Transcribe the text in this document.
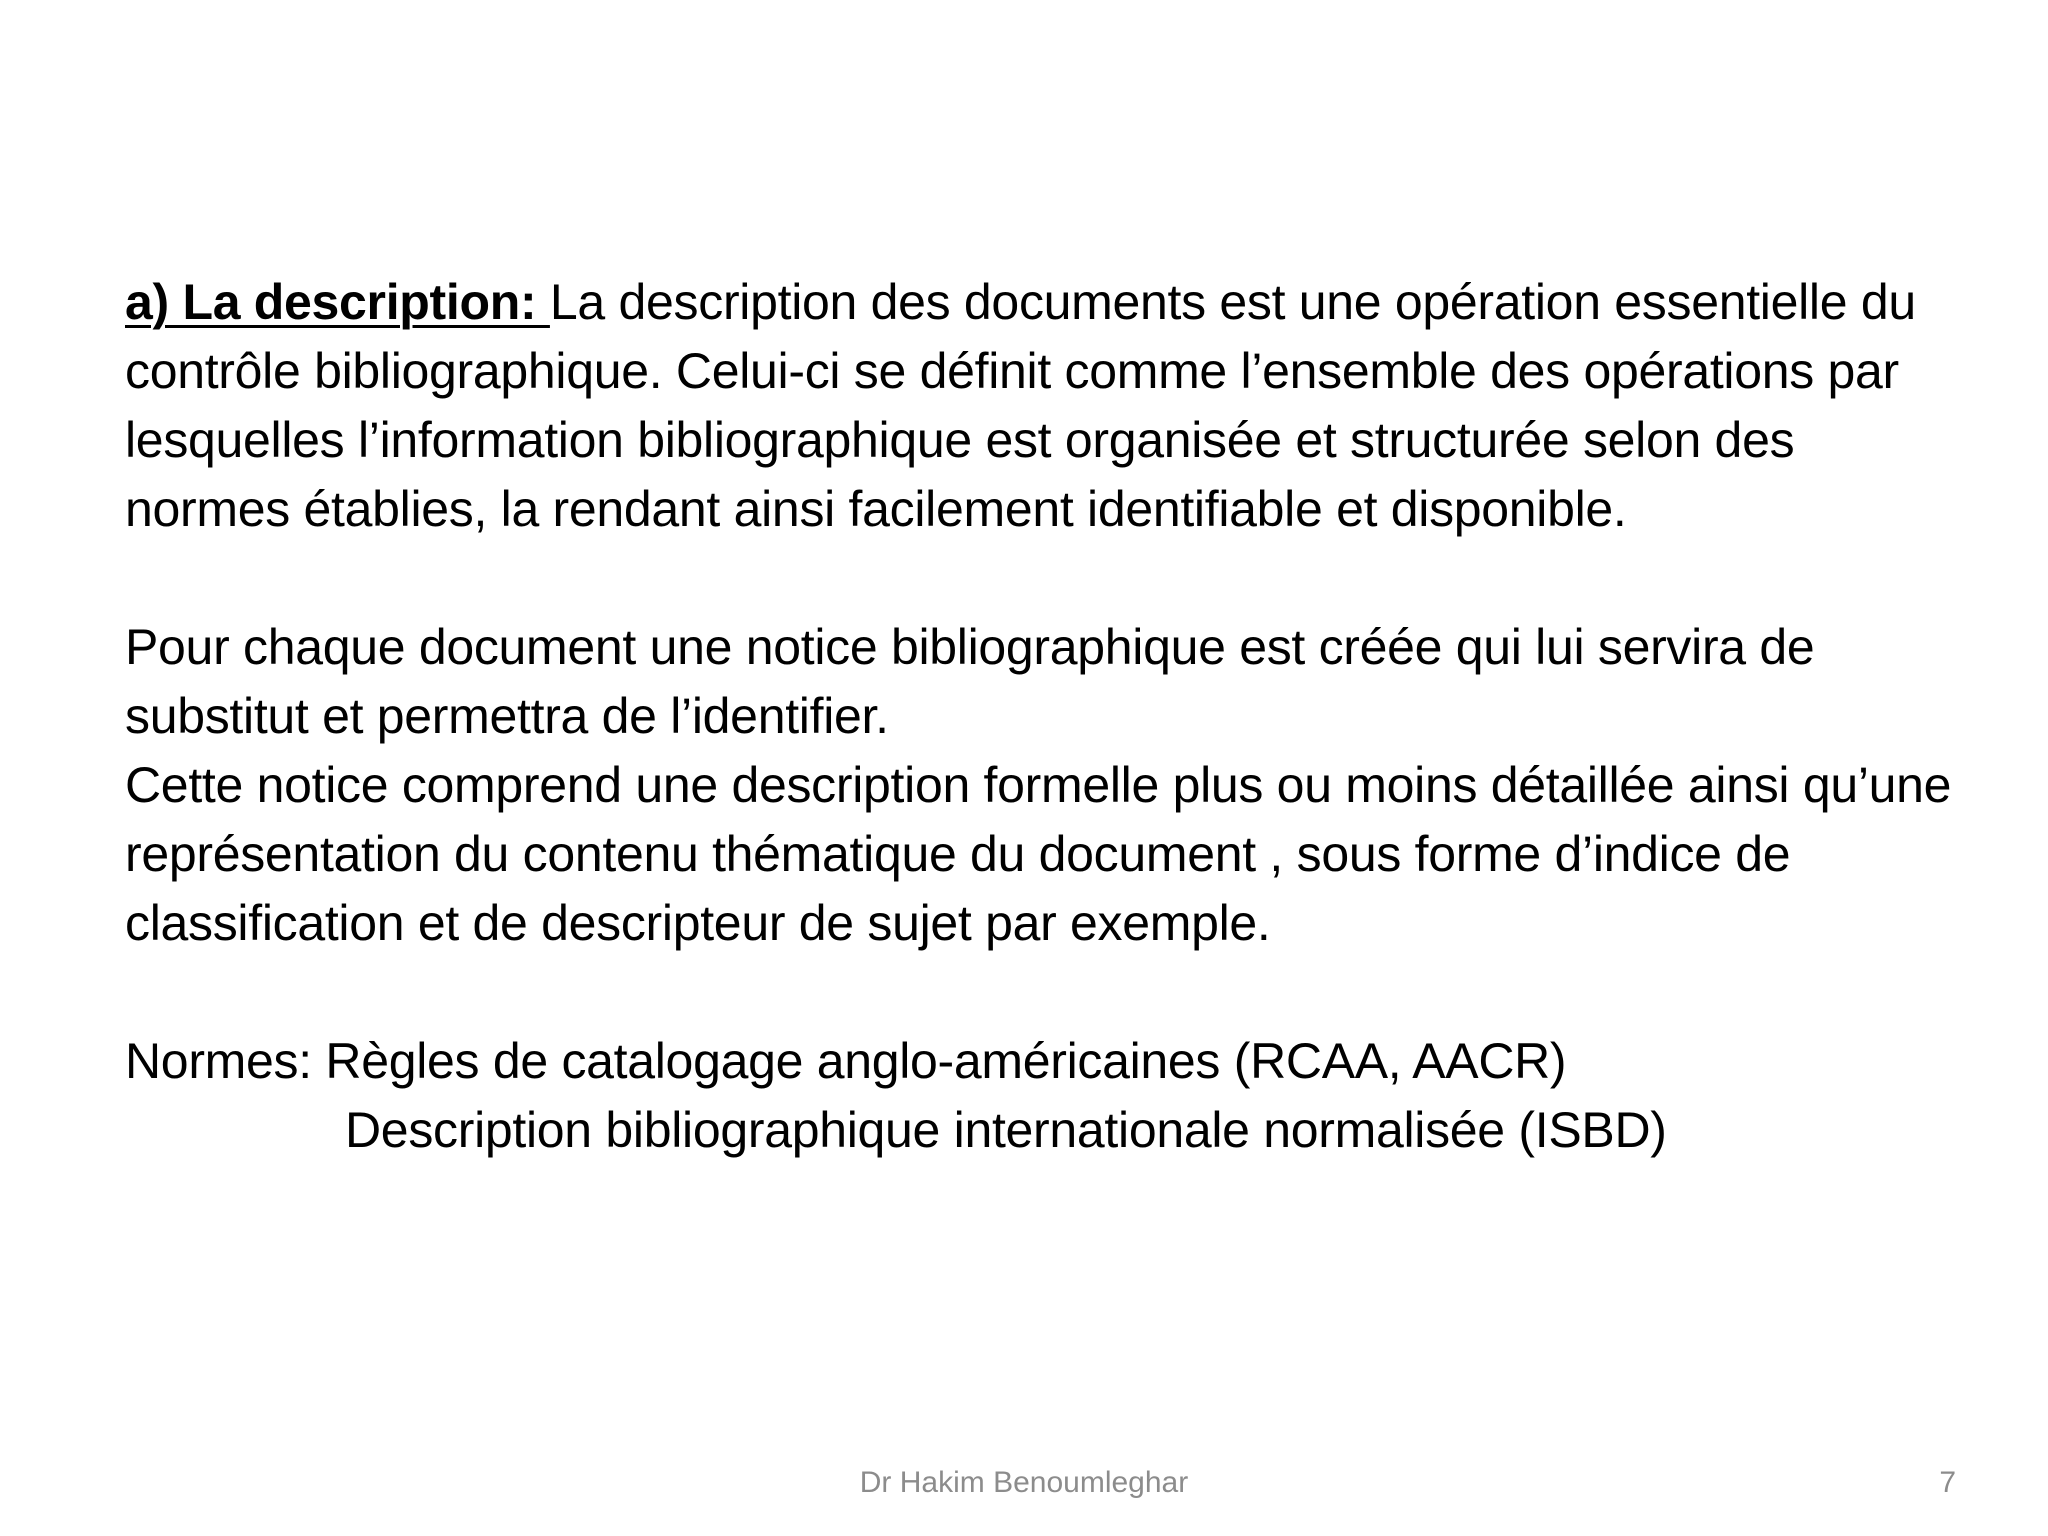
a) La description: La description des documents est une opération essentielle du contrôle bibliographique. Celui-ci se définit comme l’ensemble des opérations par lesquelles l’information bibliographique est organisée et structurée selon des normes établies, la rendant ainsi facilement identifiable et disponible.

Pour chaque document une notice bibliographique est créée qui lui servira de substitut et permettra de l’identifier.

Cette notice comprend une description formelle plus ou moins détaillée ainsi qu’une représentation du contenu thématique du document , sous forme d’indice de classification et de descripteur de sujet par exemple.

Normes: Règles de catalogage anglo-américaines (RCAA, AACR)
Description bibliographique internationale normalisée (ISBD)
Dr Hakim Benoumleghar	7
